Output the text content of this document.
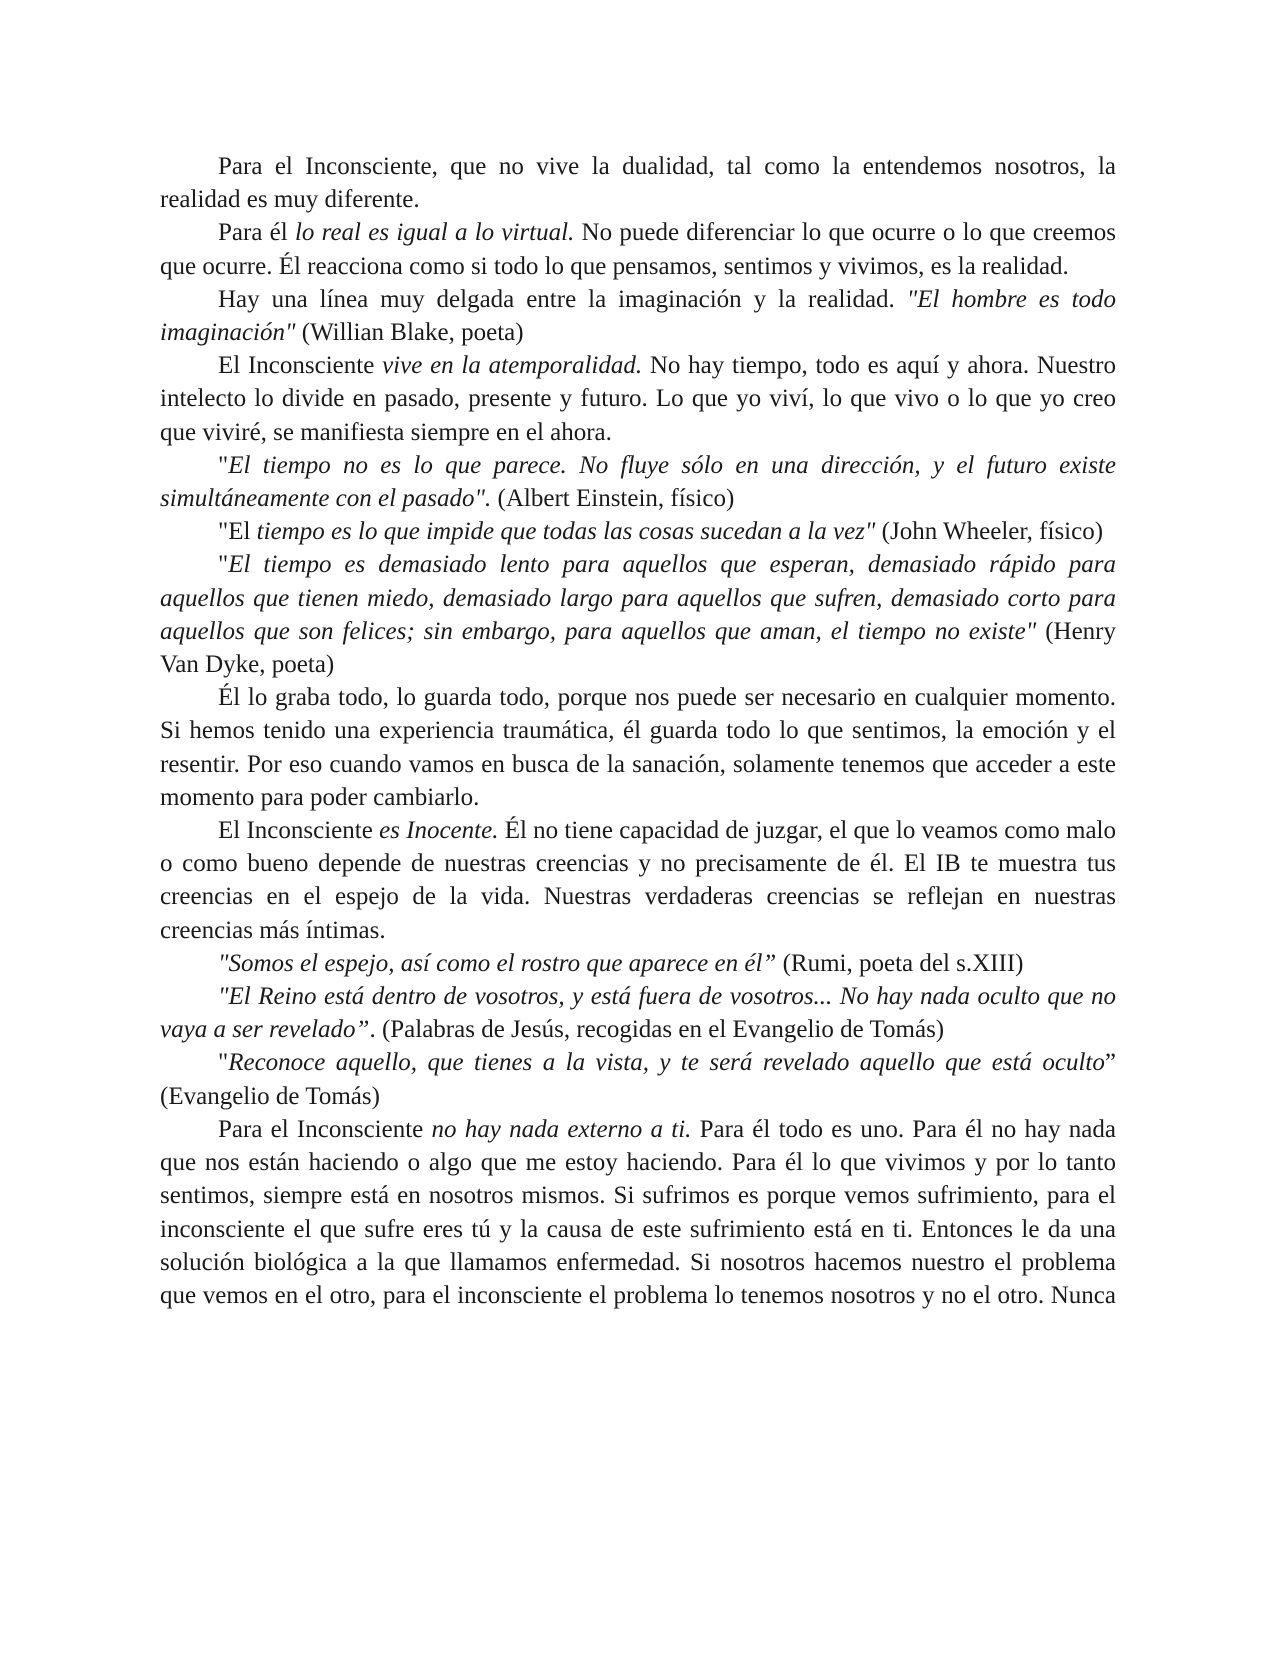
Para el Inconsciente, que no vive la dualidad, tal como la entendemos nosotros, la realidad es muy diferente.

Para él lo real es igual a lo virtual. No puede diferenciar lo que ocurre o lo que creemos que ocurre. Él reacciona como si todo lo que pensamos, sentimos y vivimos, es la realidad.

Hay una línea muy delgada entre la imaginación y la realidad. "El hombre es todo imaginación" (Willian Blake, poeta)

El Inconsciente vive en la atemporalidad. No hay tiempo, todo es aquí y ahora. Nuestro intelecto lo divide en pasado, presente y futuro. Lo que yo viví, lo que vivo o lo que yo creo que viviré, se manifiesta siempre en el ahora.

"El tiempo no es lo que parece. No fluye sólo en una dirección, y el futuro existe simultáneamente con el pasado". (Albert Einstein, físico)

"El tiempo es lo que impide que todas las cosas sucedan a la vez" (John Wheeler, físico)

"El tiempo es demasiado lento para aquellos que esperan, demasiado rápido para aquellos que tienen miedo, demasiado largo para aquellos que sufren, demasiado corto para aquellos que son felices; sin embargo, para aquellos que aman, el tiempo no existe" (Henry Van Dyke, poeta)

Él lo graba todo, lo guarda todo, porque nos puede ser necesario en cualquier momento. Si hemos tenido una experiencia traumática, él guarda todo lo que sentimos, la emoción y el resentir. Por eso cuando vamos en busca de la sanación, solamente tenemos que acceder a este momento para poder cambiarlo.

El Inconsciente es Inocente. Él no tiene capacidad de juzgar, el que lo veamos como malo o como bueno depende de nuestras creencias y no precisamente de él. El IB te muestra tus creencias en el espejo de la vida. Nuestras verdaderas creencias se reflejan en nuestras creencias más íntimas.

"Somos el espejo, así como el rostro que aparece en él” (Rumi, poeta del s.XIII)

"El Reino está dentro de vosotros, y está fuera de vosotros... No hay nada oculto que no vaya a ser revelado”. (Palabras de Jesús, recogidas en el Evangelio de Tomás)

"Reconoce aquello, que tienes a la vista, y te será revelado aquello que está oculto” (Evangelio de Tomás)

Para el Inconsciente no hay nada externo a ti. Para él todo es uno. Para él no hay nada que nos están haciendo o algo que me estoy haciendo. Para él lo que vivimos y por lo tanto sentimos, siempre está en nosotros mismos. Si sufrimos es porque vemos sufrimiento, para el inconsciente el que sufre eres tú y la causa de este sufrimiento está en ti. Entonces le da una solución biológica a la que llamamos enfermedad. Si nosotros hacemos nuestro el problema que vemos en el otro, para el inconsciente el problema lo tenemos nosotros y no el otro. Nunca
